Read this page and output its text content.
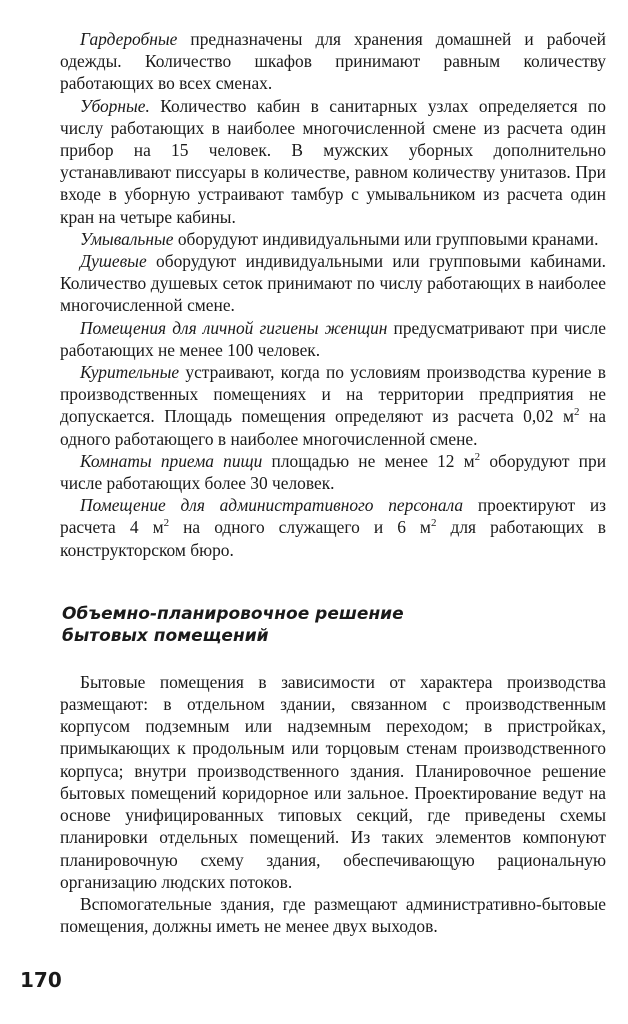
Гардеробные предназначены для хранения домашней и рабочей одежды. Количество шкафов принимают равным количеству работающих во всех сменах.

Уборные. Количество кабин в санитарных узлах определяется по числу работающих в наиболее многочисленной смене из расчета один прибор на 15 человек. В мужских уборных дополнительно устанавливают писсуары в количестве, равном количеству унитазов. При входе в уборную устраивают тамбур с умывальником из расчета один кран на четыре кабины.

Умывальные оборудуют индивидуальными или групповыми кранами.

Душевые оборудуют индивидуальными или групповыми кабинами. Количество душевых сеток принимают по числу работающих в наиболее многочисленной смене.

Помещения для личной гигиены женщин предусматривают при числе работающих не менее 100 человек.

Курительные устраивают, когда по условиям производства курение в производственных помещениях и на территории предприятия не допускается. Площадь помещения определяют из расчета 0,02 $м^2$ на одного работающего в наиболее многочисленной смене.

Комнаты приема пищи площадью не менее 12 $м^2$ оборудуют при числе работающих более 30 человек.

Помещение для административного персонала проектируют из расчета 4 $м^2$ на одного служащего и 6 $м^2$ для работающих в конструкторском бюро.

Объемно-планировочное решение
бытовых помещений

Бытовые помещения в зависимости от характера производства размещают: в отдельном здании, связанном с производственным корпусом подземным или надземным переходом; в пристройках, примыкающих к продольным или торцовым стенам производственного корпуса; внутри производственного здания. Планировочное решение бытовых помещений коридорное или зальное. Проектирование ведут на основе унифицированных типовых секций, где приведены схемы планировки отдельных помещений. Из таких элементов компонуют планировочную схему здания, обеспечивающую рациональную организацию людских потоков.

Вспомогательные здания, где размещают административно-бытовые помещения, должны иметь не менее двух выходов.

170
